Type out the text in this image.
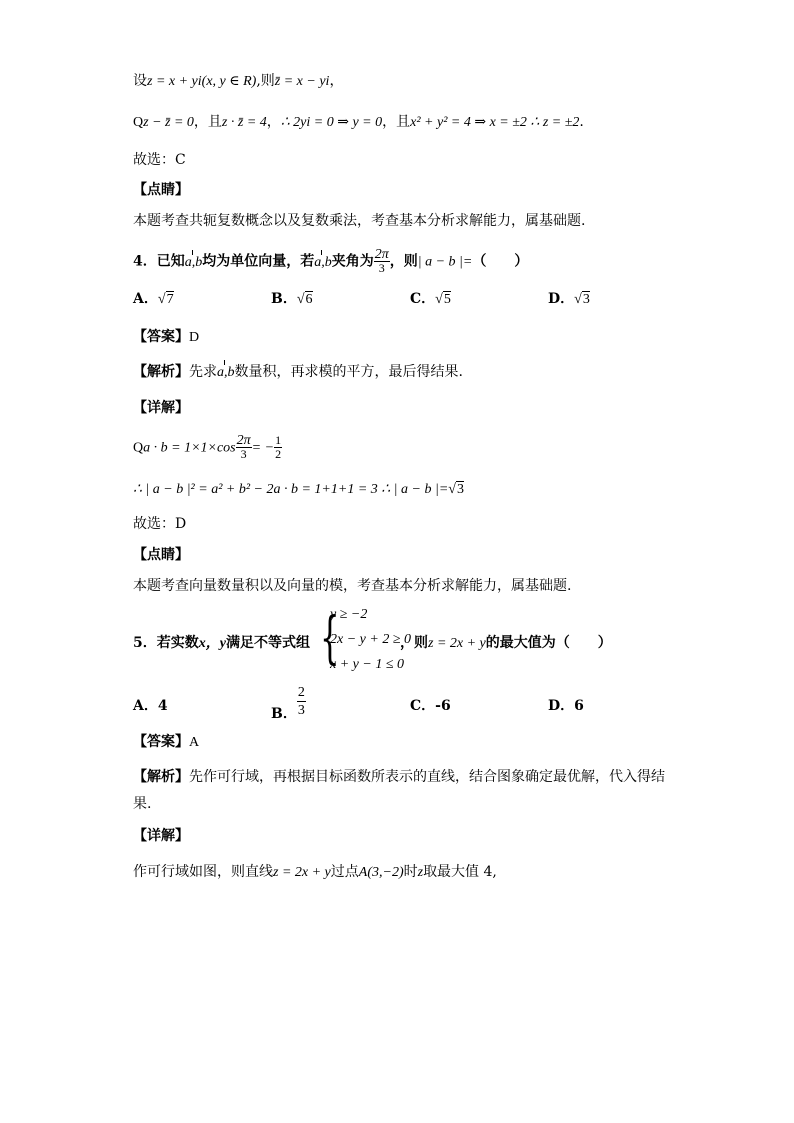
设z = x + yi(x, y ∈ R),则z̄ = x − yi，
Qz − z̄ = 0，且z · z̄ = 4，∴ 2yi = 0 ⇒ y = 0，且x² + y² = 4 ⇒ x = ±2 ∴ z = ±2.
故选：C
【点睛】
本题考查共轭复数概念以及复数乘法，考查基本分析求解能力，属基础题.
4．已知a,b均为单位向量，若a,b夹角为 $\frac{2\pi}{3}$ ，则| a − b |=（　　）
A．√7	B．√6	C．√5	D．√3
【答案】D
【解析】先求a,b数量积，再求模的平方，最后得结果.
【详解】
$Qa \cdot b = 1\times 1\times\cos \frac{2\pi}{3}$ = − $\frac{1}{2}$
∴ | a − b |² = a² + b² − 2a · b = 1+1+1 = 3 ∴ | a − b |=√3
故选：D
【点睛】
本题考查向量数量积以及向量的模，考查基本分析求解能力，属基础题.
5．若实数x，y满足不等式组 {
y ≥ −2
2x − y + 2 ≥ 0
x + y − 1 ≤ 0
，则z = 2x + y的最大值为（　　）
A．4	B． $\frac{2}{3}$	C．-6	D．6
【答案】A
【解析】先作可行域，再根据目标函数所表示的直线，结合图象确定最优解，代入得结
果.
【详解】
作可行域如图，则直线z = 2x + y过点A(3,−2)时z取最大值 4,
